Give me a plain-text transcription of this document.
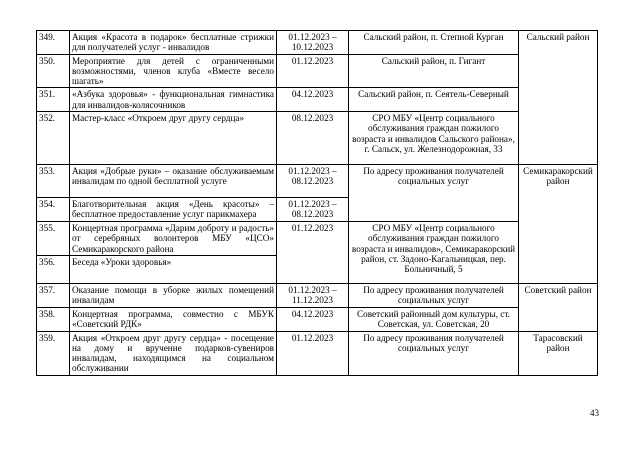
349.	Акция «Красота в подарок» бесплатные стрижки для получателей услуг - инвалидов	01.12.2023 – 10.12.2023	Сальский район, п. Степной Курган	Сальский район
350.	Мероприятие для детей с ограниченными возможностями, членов клуба «Вместе весело шагать»	01.12.2023	Сальский район, п. Гигант	
351.	«Азбука здоровья» - функциональная гимнастика для инвалидов-колясочников	04.12.2023	Сальский район, п. Сеятель-Северный	
352.	Мастер-класс «Откроем друг другу сердца»	08.12.2023	СРО МБУ «Центр социального обслуживания граждан пожилого возраста и инвалидов Сальского района», г. Сальск, ул. Железнодорожная, 33	
353.	Акция «Добрые руки» – оказание обслуживаемым инвалидам по одной бесплатной услуге	01.12.2023 – 08.12.2023	По адресу проживания получателей социальных услуг	Семикаракорский район
354.	Благотворительная акция «День красоты» – бесплатное предоставление услуг парикмахера	01.12.2023 – 08.12.2023		
355.	Концертная программа «Дарим доброту и радость» от серебряных волонтеров МБУ «ЦСО» Семикаракорского района	01.12.2023	СРО МБУ «Центр социального обслуживания граждан пожилого возраста и инвалидов», Семикаракорский район, ст. Задоно-Кагальницкая, пер. Больничный, 5	
356.	Беседа «Уроки здоровья»			
357.	Оказание помощи в уборке жилых помещений инвалидам	01.12.2023 – 11.12.2023	По адресу проживания получателей социальных услуг	Советский район
358.	Концертная программа, совместно с МБУК «Советский РДК»	04.12.2023	Советский районный дом культуры, ст. Советская, ул. Советская, 20	
359.	Акция «Откроем друг другу сердца» - посещение на дому и вручение подарков-сувениров инвалидам, находящимся на социальном обслуживании	01.12.2023	По адресу проживания получателей социальных услуг	Тарасовский район
43
